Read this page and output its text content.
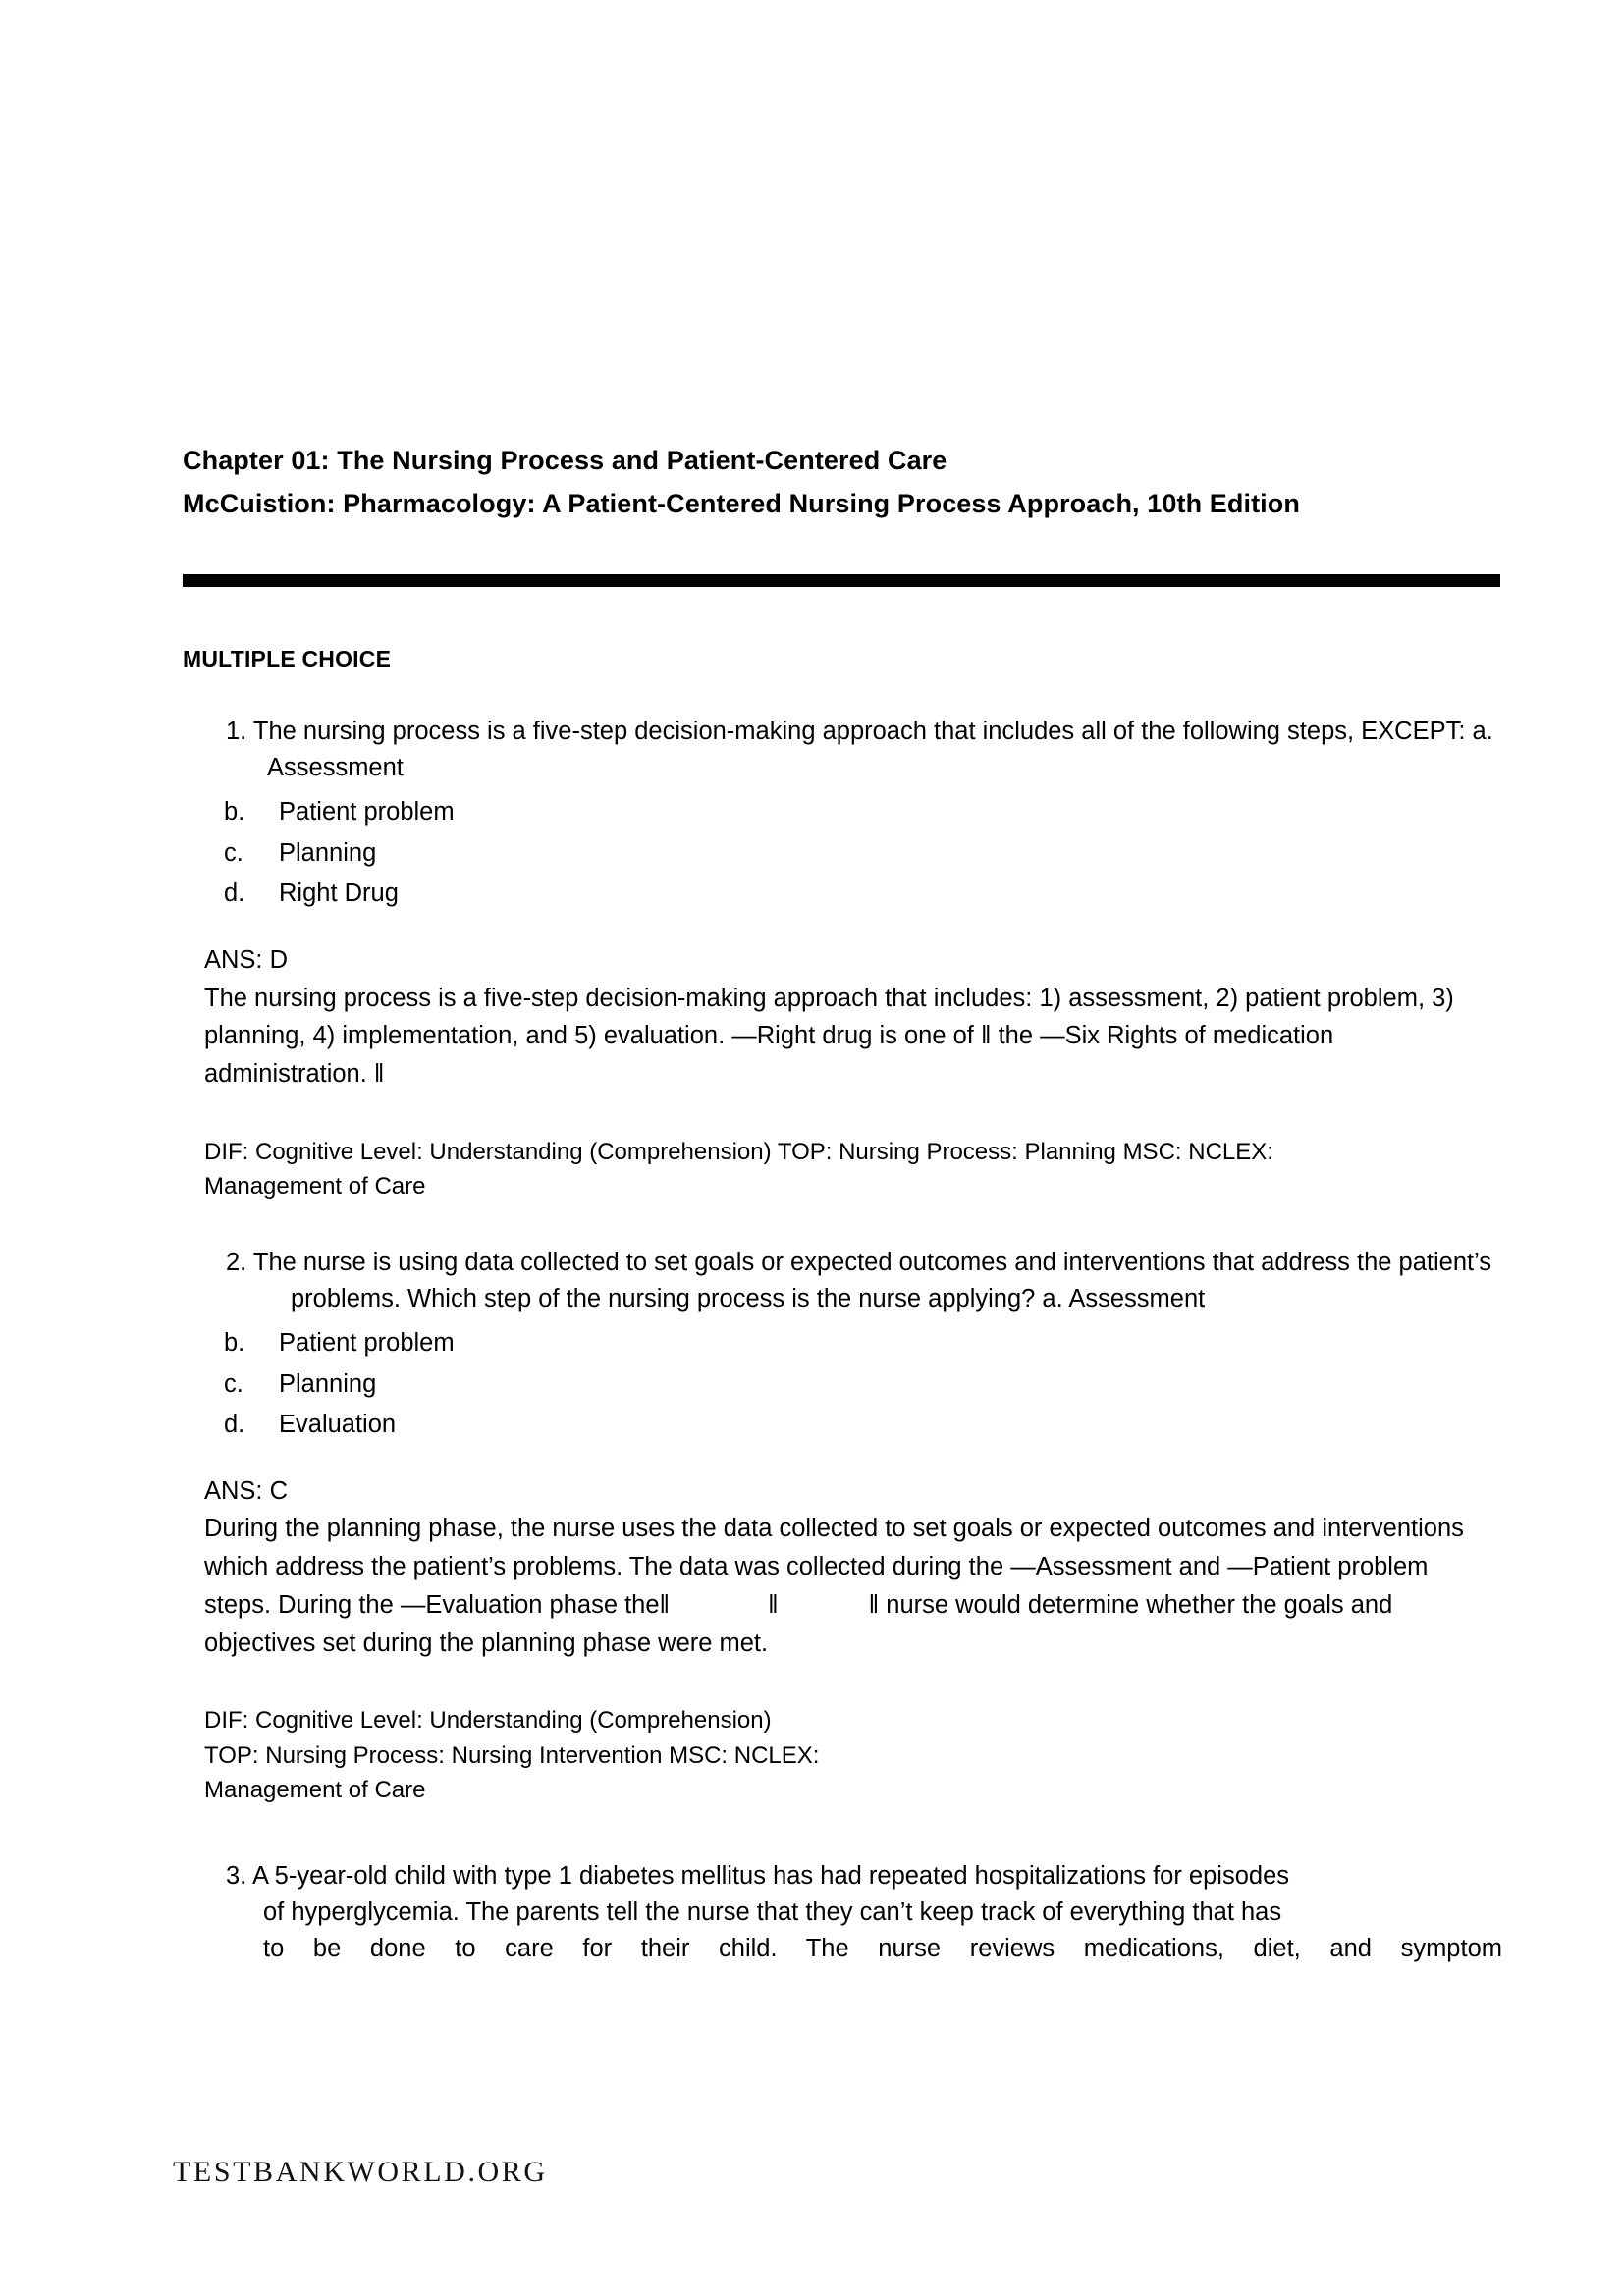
Chapter 01: The Nursing Process and Patient-Centered Care
McCuistion: Pharmacology: A Patient-Centered Nursing Process Approach, 10th Edition
MULTIPLE CHOICE
1. The nursing process is a five-step decision-making approach that includes all of the following steps, EXCEPT: a. Assessment
b. Patient problem
c. Planning
d. Right Drug
ANS: D
The nursing process is a five-step decision-making approach that includes: 1) assessment, 2) patient problem, 3) planning, 4) implementation, and 5) evaluation. —Right drug is one of ‖ the —Six Rights of medication administration. ‖
DIF: Cognitive Level: Understanding (Comprehension) TOP: Nursing Process: Planning MSC: NCLEX:
Management of Care
2. The nurse is using data collected to set goals or expected outcomes and interventions that address the patient’s problems. Which step of the nursing process is the nurse applying? a. Assessment
b. Patient problem
c. Planning
d. Evaluation
ANS: C
During the planning phase, the nurse uses the data collected to set goals or expected outcomes and interventions which address the patient’s problems. The data was collected during the —Assessment and —Patient problem steps. During the —Evaluation phase the‖	‖	‖ nurse would determine whether the goals and objectives set during the planning phase were met.
DIF: Cognitive Level: Understanding (Comprehension)
TOP: Nursing Process: Nursing Intervention MSC: NCLEX:
Management of Care
3. A 5-year-old child with type 1 diabetes mellitus has had repeated hospitalizations for episodes
of hyperglycemia. The parents tell the nurse that they can’t keep track of everything that has
to be done to care for their child. The nurse reviews medications, diet, and symptom
TESTBANKWORLD.ORG
